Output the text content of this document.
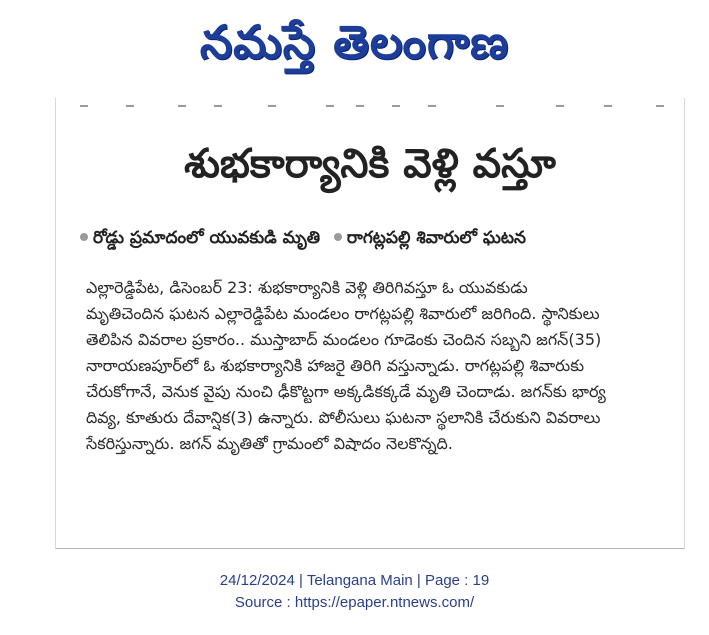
నమస్తే తెలంగాణ
శుభకార్యానికి వెళ్లి వస్తూ
రోడ్డు ప్రమాదంలో యువకుడి మృతి రాగట్లపల్లి శివారులో ఘటన
ఎల్లారెడ్డిపేట, డిసెంబర్ 23: శుభకార్యానికి వెళ్లి తిరిగివస్తూ ఓ యువకుడు
మృతిచెందిన ఘటన ఎల్లారెడ్డిపేట మండలం రాగట్లపల్లి శివారులో జరిగింది. స్థానికులు
తెలిపిన వివరాల ప్రకారం.. ముస్తాబాద్ మండలం గూడెంకు చెందిన సబ్బని జగన్(35)
నారాయణపూర్‌లో ఓ శుభకార్యానికి హాజరై తిరిగి వస్తున్నాడు. రాగట్లపల్లి శివారుకు
చేరుకోగానే, వెనుక వైపు నుంచి ఢీకొట్టగా అక్కడికక్కడే మృతి చెందాడు. జగన్‌కు భార్య
దివ్య, కూతురు దేవాన్షిక(3) ఉన్నారు. పోలీసులు ఘటనా స్థలానికి చేరుకుని వివరాలు
సేకరిస్తున్నారు. జగన్ మృతితో గ్రామంలో విషాదం నెలకొన్నది.
24/12/2024 | Telangana Main | Page : 19
Source : https://epaper.ntnews.com/
